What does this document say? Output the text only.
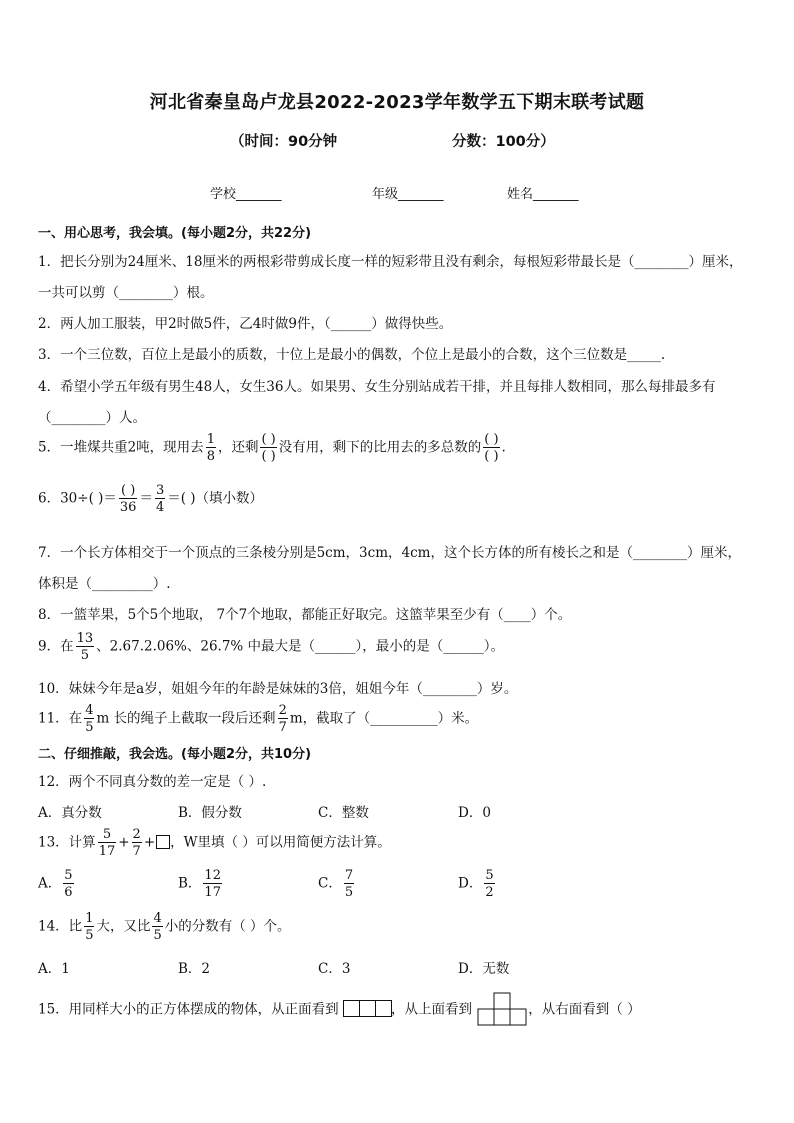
河北省秦皇岛卢龙县2022-2023学年数学五下期末联考试题
（时间：90分钟	分数：100分）
学校_______	年级_______	姓名_______
一、用心思考，我会填。(每小题2分，共22分)
1．把长分别为24厘米、18厘米的两根彩带剪成长度一样的短彩带且没有剩余，每根短彩带最长是（________）厘米，
一共可以剪（________）根。
2．两人加工服装，甲2时做5件，乙4时做9件，（______）做得快些。
3．一个三位数，百位上是最小的质数，十位上是最小的偶数，个位上是最小的合数，这个三位数是_____.
4．希望小学五年级有男生48人，女生36人。如果男、女生分别站成若干排，并且每排人数相同，那么每排最多有
（________）人。
5．一堆煤共重2吨，现用去 $\frac{1}{8}$ ，还剩 $\frac{( )}{( )}$ 没有用，剩下的比用去的多总数的 $\frac{( )}{( )}$ .
6．30÷( )＝ $\frac{( )}{36} = \frac{3}{4}$ ＝( )（填小数）
7．一个长方体相交于一个顶点的三条棱分别是5cm，3cm，4cm，这个长方体的所有棱长之和是（________）厘米，
体积是（_________）.
8．一篮苹果，5个5个地取， 7个7个地取，都能正好取完。这篮苹果至少有（____）个。
9．在 $\frac{13}{5}$ 、2.67.2.06%、26.7% 中最大是（______），最小的是（______）。
10．妹妹今年是a岁，姐姐今年的年龄是妹妹的3倍，姐姐今年（________）岁。
11．在 $\frac{4}{5}$ m 长的绳子上截取一段后还剩 $\frac{2}{7}$ m，截取了（__________）米。
二、仔细推敲，我会选。(每小题2分，共10分)
12．两个不同真分数的差一定是（ ）.
A．真分数	B．假分数	C．整数	D．0
13．计算 $\frac{5}{17} + \frac{2}{7}$ + ，W里填（ ）可以用简便方法计算。
A． $\frac{5}{6}$	B． $\frac{12}{17}$	C． $\frac{7}{5}$	D． $\frac{5}{2}$
14．比 $\frac{1}{5}$ 大，又比 $\frac{4}{5}$ 小的分数有（ ）个。
A．1	B．2	C．3	D．无数
15．用同样大小的正方体摆成的物体，从正面看到	，从上面看到	，从右面看到（ ）
